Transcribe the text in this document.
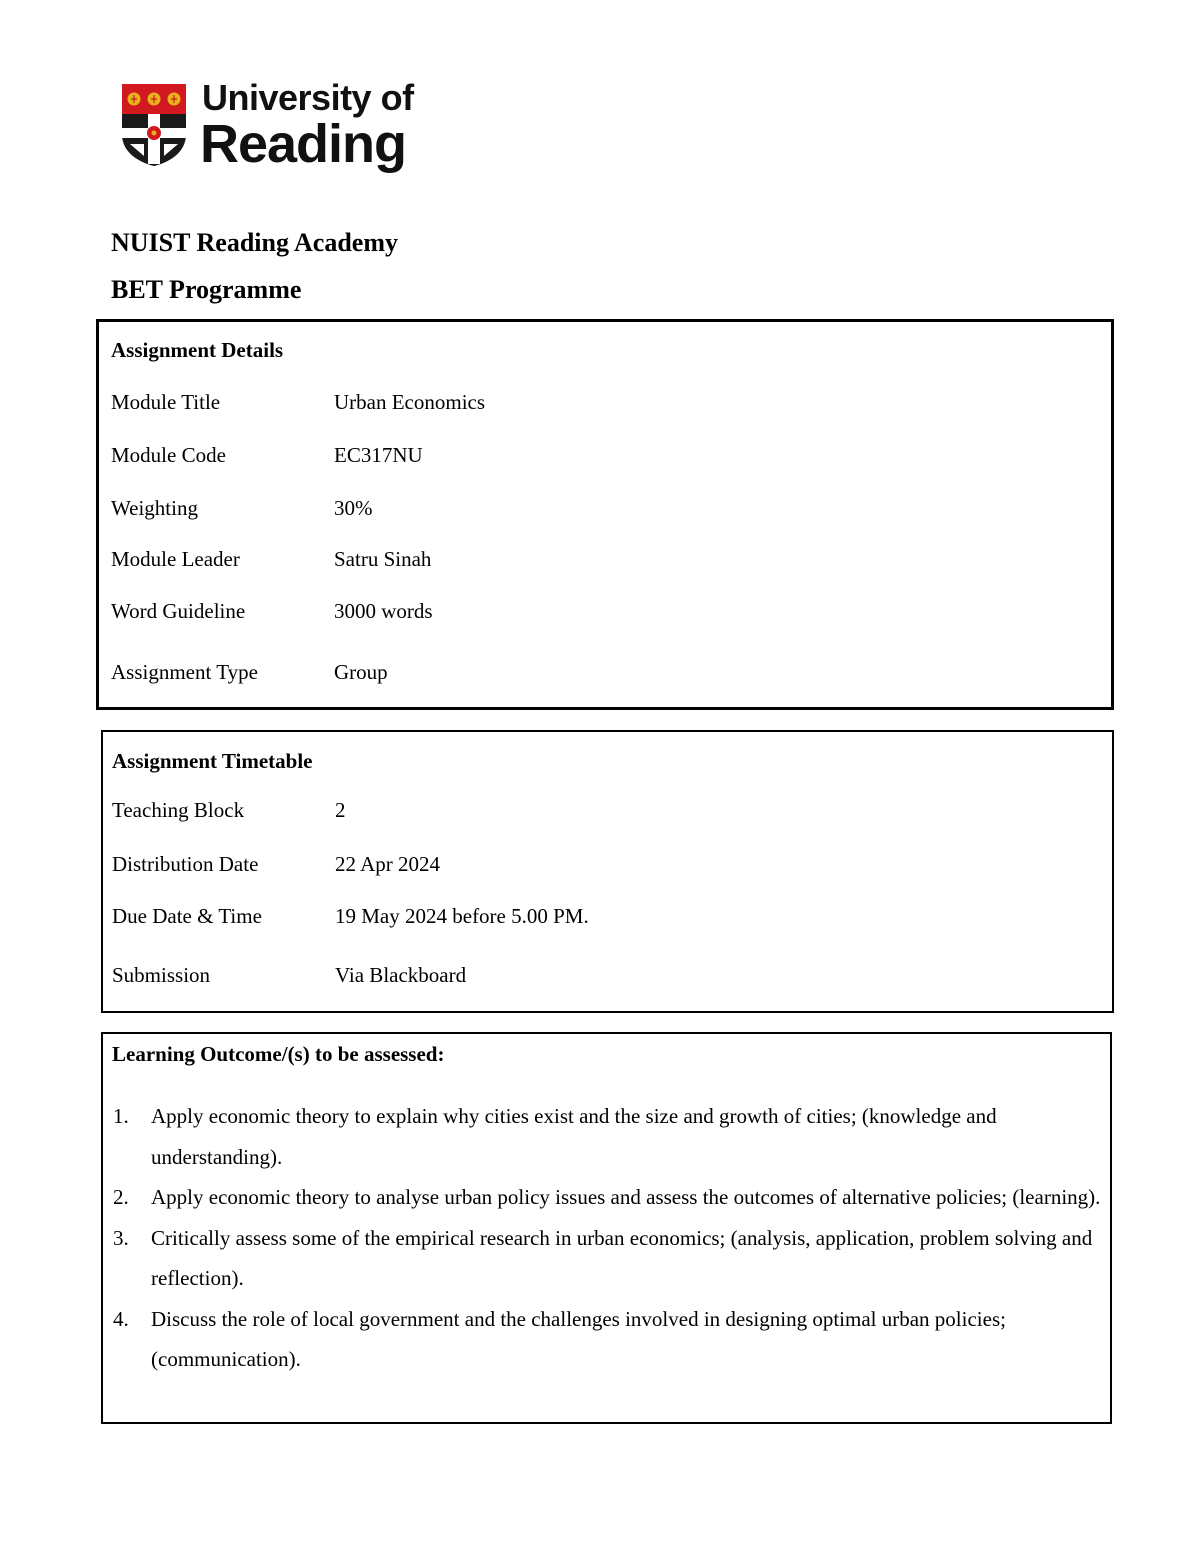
University of
Reading
NUIST Reading Academy
BET Programme
Assignment Details
Module Title	Urban Economics
Module Code	EC317NU
Weighting	30%
Module Leader	Satru Sinah
Word Guideline	3000 words
Assignment Type	Group
Assignment Timetable
Teaching Block	2
Distribution Date	22 Apr 2024
Due Date & Time	19 May 2024 before 5.00 PM.
Submission	Via Blackboard
Learning Outcome/(s) to be assessed:
1. Apply economic theory to explain why cities exist and the size and growth of cities; (knowledge and understanding).
2. Apply economic theory to analyse urban policy issues and assess the outcomes of alternative policies; (learning).
3. Critically assess some of the empirical research in urban economics; (analysis, application, problem solving and reflection).
4. Discuss the role of local government and the challenges involved in designing optimal urban policies; (communication).
